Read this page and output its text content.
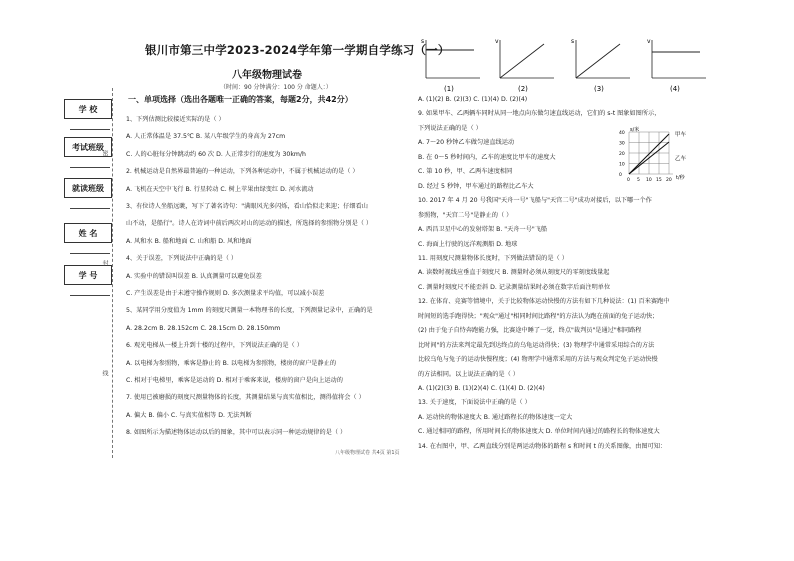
学 校
考试班级
就读班级
姓 名
学 号
密
封
线
银川市第三中学2023-2024学年第一学期自学练习（一）
八年级物理试卷
（时间：90 分钟满分：100 分 命题人：）
一、单项选择（选出各题唯一正确的答案，每题2分，共42分）
1、下列估测比较接近实际的是（ ）
A. 人正常体温是 37.5℃ B. 某八年级学生的身高为 27cm
C. 人的心脏每分钟跳动约 60 次 D. 人正常步行的速度为 30km/h
2. 机械运动是自然界最普遍的一种运动，下列各种运动中，不属于机械运动的是（ ）
A. 飞机在天空中飞行 B. 行星转动 C. 树上苹果由绿变红 D. 河水流动
3、有位诗人坐船远眺，写下了著名诗句："满眼风光多闪烁，看山恰似走来迎；仔细看山
山不动，是船行"。诗人在诗词中前后两次对山的运动的描述，所选择的参照物分别是（ ）
A. 风和水 B. 船和地面 C. 山和船 D. 风和地面
4、关于误差，下列说法中正确的是（ ）
A. 实验中的错误叫误差 B. 认真测量可以避免误差
C. 产生误差是由于未遵守操作规则 D. 多次测量求平均值，可以减小误差
5、某同学用分度值为 1mm 的刻度尺测量一本物理书的长度，下列测量记录中，正确的是
A. 28.2cm B. 28.152cm C. 28.15cm D. 28.150mm
6. 观光电梯从一楼上升到十楼的过程中，下列说法正确的是（ ）
A. 以电梯为参照物，乘客是静止的 B. 以电梯为参照物，楼房的窗户是静止的
C. 相对于电梯里，乘客是运动的 D. 相对于乘客来说，楼房的窗户是向上运动的
7. 使用已被磨损的刻度尺测量物体的长度，其测量结果与真实值相比，测得值将会（ ）
A. 偏大 B. 偏小 C. 与真实值相等 D. 无法判断
8. 如图所示为描述物体运动以后的图象，其中可以表示同一种运动规律的是（ ）
A. (1)(2) B. (2)(3) C. (1)(4) D. (2)(4)
9. 如果甲车、乙两辆车同时从同一地点向东做匀速直线运动，它们的 s-t 图象如图所示，
下列说法正确的是（ ）
A. 7～20 秒钟乙车做匀速直线运动
B. 在 0～5 秒时间内，乙车的速度比甲车的速度大
C. 第 10 秒，甲、乙两车速度相同
D. 经过 5 秒钟，甲车通过的路程比乙车大
10. 2017 年 4 月 20 号我国"天舟一号"飞船与"天宫二号"成功对接后，以下哪一个作
参照物，"天宫二号"是静止的（ ）
A. 西昌卫星中心的发射塔架 B. "天舟一号"飞船
C. 海面上行驶的远洋观测船 D. 地球
11. 用刻度尺测量物体长度时，下列做法错误的是（ ）
A. 读数时视线应垂直于刻度尺 B. 测量时必须从刻度尺的零刻度线量起
C. 测量时刻度尺不能歪斜 D. 记录测量结果时必须在数字后面注明单位
12. 在体育、竞赛等情境中，关于比较物体运动快慢的方法有如下几种说法：(1) 百米赛跑中
时间短的选手跑得快；"观众"通过"相同时间比路程"的方法认为跑在前面的兔子运动快；
(2) 由于兔子自恃奔跑能力强，比赛途中睡了一觉，终点"裁判员"是通过"相同路程
比时间"的方法来判定最先到达终点的乌龟运动得快；(3) 物理学中通常采用综合的方法
比较乌龟与兔子的运动快慢程度；(4) 物理学中通常采用的方法与观众判定兔子运动快慢
的方法相同。以上说法正确的是（ ）
A. (1)(2)(3) B. (1)(2)(4) C. (1)(4) D. (2)(4)
13. 关于速度，下面说法中正确的是（ ）
A. 运动快的物体速度大 B. 通过路程长的物体速度一定大
C. 通过相同的路程，所用时间长的物体速度大 D. 单位时间内通过的路程长的物体速度大
14. 在右图中，甲、乙两直线分别是两运动物体的路程 s 和时间 t 的关系图像，由图可知：
s
(1)
v
(2)
s
(3)
v
(4)
s/米
t/秒
甲车
乙车
0
10
20
30
40
0 5 10 15 20
八年级物理试卷 共4页 第1页
